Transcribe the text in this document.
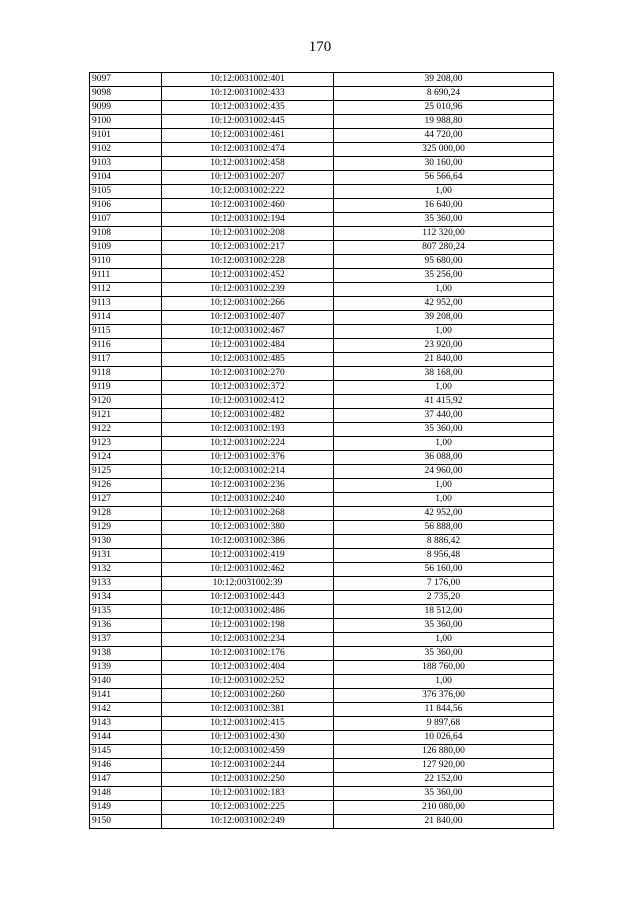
170
9097	10:12:0031002:401	39 208,00
9098	10:12:0031002:433	8 690,24
9099	10:12:0031002:435	25 010,96
9100	10:12:0031002:445	19 988,80
9101	10:12:0031002:461	44 720,00
9102	10:12:0031002:474	325 000,00
9103	10:12:0031002:458	30 160,00
9104	10:12:0031002:207	56 566,64
9105	10:12:0031002:222	1,00
9106	10:12:0031002:460	16 640,00
9107	10:12:0031002:194	35 360,00
9108	10:12:0031002:208	112 320,00
9109	10:12:0031002:217	807 280,24
9110	10:12:0031002:228	95 680,00
9111	10:12:0031002:452	35 256,00
9112	10:12:0031002:239	1,00
9113	10:12:0031002:266	42 952,00
9114	10:12:0031002:407	39 208,00
9115	10:12:0031002:467	1,00
9116	10:12:0031002:484	23 920,00
9117	10:12:0031002:485	21 840,00
9118	10:12:0031002:270	38 168,00
9119	10:12:0031002:372	1,00
9120	10:12:0031002:412	41 415,92
9121	10:12:0031002:482	37 440,00
9122	10:12:0031002:193	35 360,00
9123	10:12:0031002:224	1,00
9124	10:12:0031002:376	36 088,00
9125	10:12:0031002:214	24 960,00
9126	10:12:0031002:236	1,00
9127	10:12:0031002:240	1,00
9128	10:12:0031002:268	42 952,00
9129	10:12:0031002:380	56 888,00
9130	10:12:0031002:386	8 886,42
9131	10:12:0031002:419	8 956,48
9132	10:12:0031002:462	56 160,00
9133	10:12:0031002:39	7 176,00
9134	10:12:0031002:443	2 735,20
9135	10:12:0031002:486	18 512,00
9136	10:12:0031002:198	35 360,00
9137	10:12:0031002:234	1,00
9138	10:12:0031002:176	35 360,00
9139	10:12:0031002:404	188 760,00
9140	10:12:0031002:252	1,00
9141	10:12:0031002:260	376 376,00
9142	10:12:0031002:381	11 844,56
9143	10:12:0031002:415	9 897,68
9144	10:12:0031002:430	10 026,64
9145	10:12:0031002:459	126 880,00
9146	10:12:0031002:244	127 920,00
9147	10:12:0031002:250	22 152,00
9148	10:12:0031002:183	35 360,00
9149	10:12:0031002:225	210 080,00
9150	10:12:0031002:249	21 840,00
